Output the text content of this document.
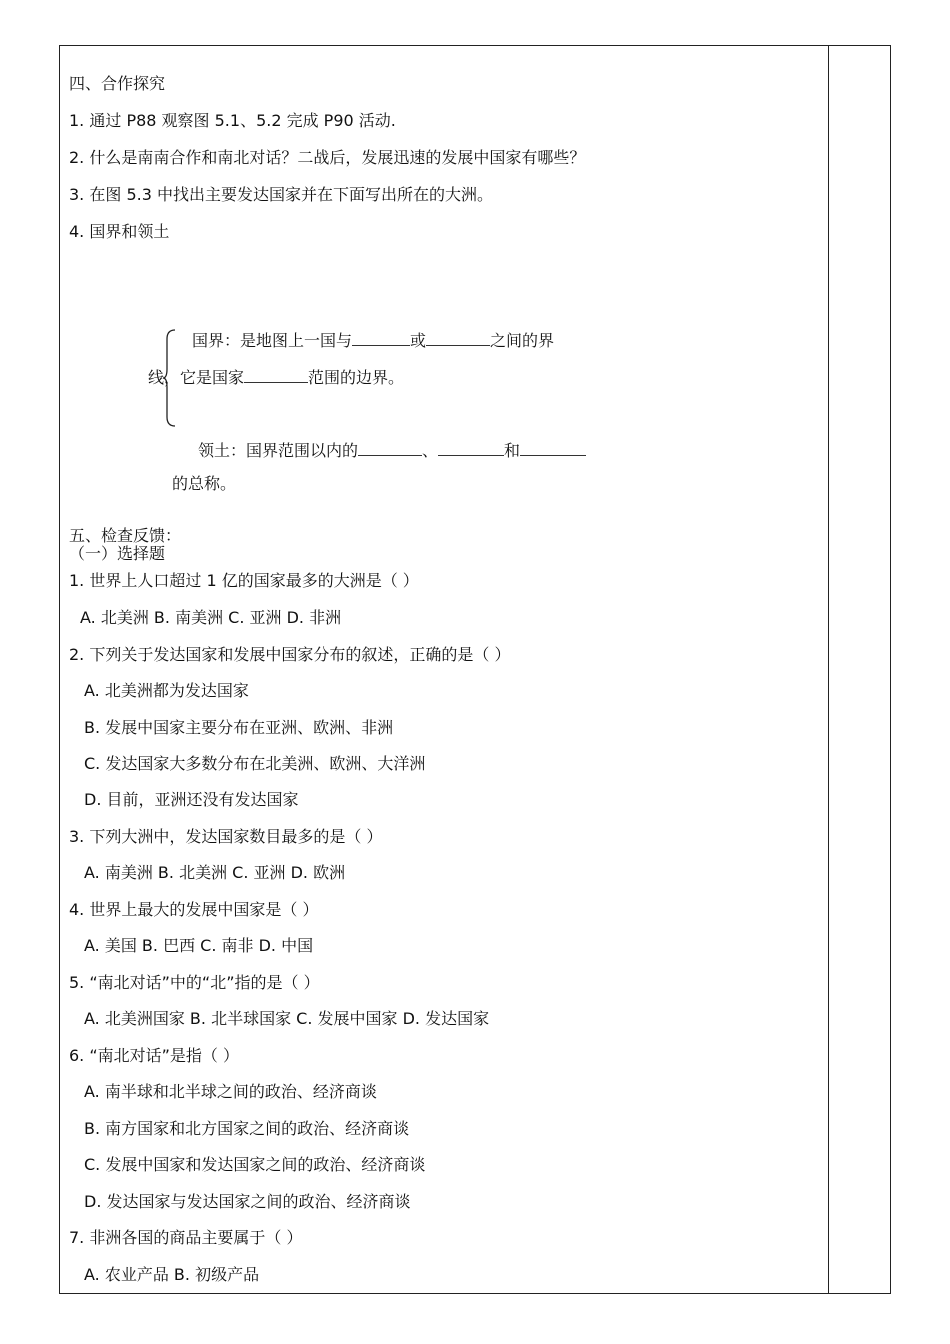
四、合作探究
1. 通过 P88 观察图 5.1、5.2 完成 P90 活动.
2. 什么是南南合作和南北对话？二战后，发展迅速的发展中国家有哪些？
3. 在图 5.3 中找出主要发达国家并在下面写出所在的大洲。
4. 国界和领土
国界：是地图上一国与	或	之间的界
线，它是国家	范围的边界。
领土：国界范围以内的	、	和
的总称。
五、检查反馈：
（一）选择题
1. 世界上人口超过 1 亿的国家最多的大洲是（ ）
A. 北美洲 B. 南美洲 C. 亚洲 D. 非洲
2. 下列关于发达国家和发展中国家分布的叙述，正确的是（ ）
A. 北美洲都为发达国家
B. 发展中国家主要分布在亚洲、欧洲、非洲
C. 发达国家大多数分布在北美洲、欧洲、大洋洲
D. 目前，亚洲还没有发达国家
3. 下列大洲中，发达国家数目最多的是（ ）
A. 南美洲 B. 北美洲 C. 亚洲 D. 欧洲
4. 世界上最大的发展中国家是（ ）
A. 美国 B. 巴西 C. 南非 D. 中国
5. “南北对话”中的“北”指的是（ ）
A. 北美洲国家 B. 北半球国家 C. 发展中国家 D. 发达国家
6. “南北对话”是指（ ）
A. 南半球和北半球之间的政治、经济商谈
B. 南方国家和北方国家之间的政治、经济商谈
C. 发展中国家和发达国家之间的政治、经济商谈
D. 发达国家与发达国家之间的政治、经济商谈
7. 非洲各国的商品主要属于（ ）
A. 农业产品 B. 初级产品
